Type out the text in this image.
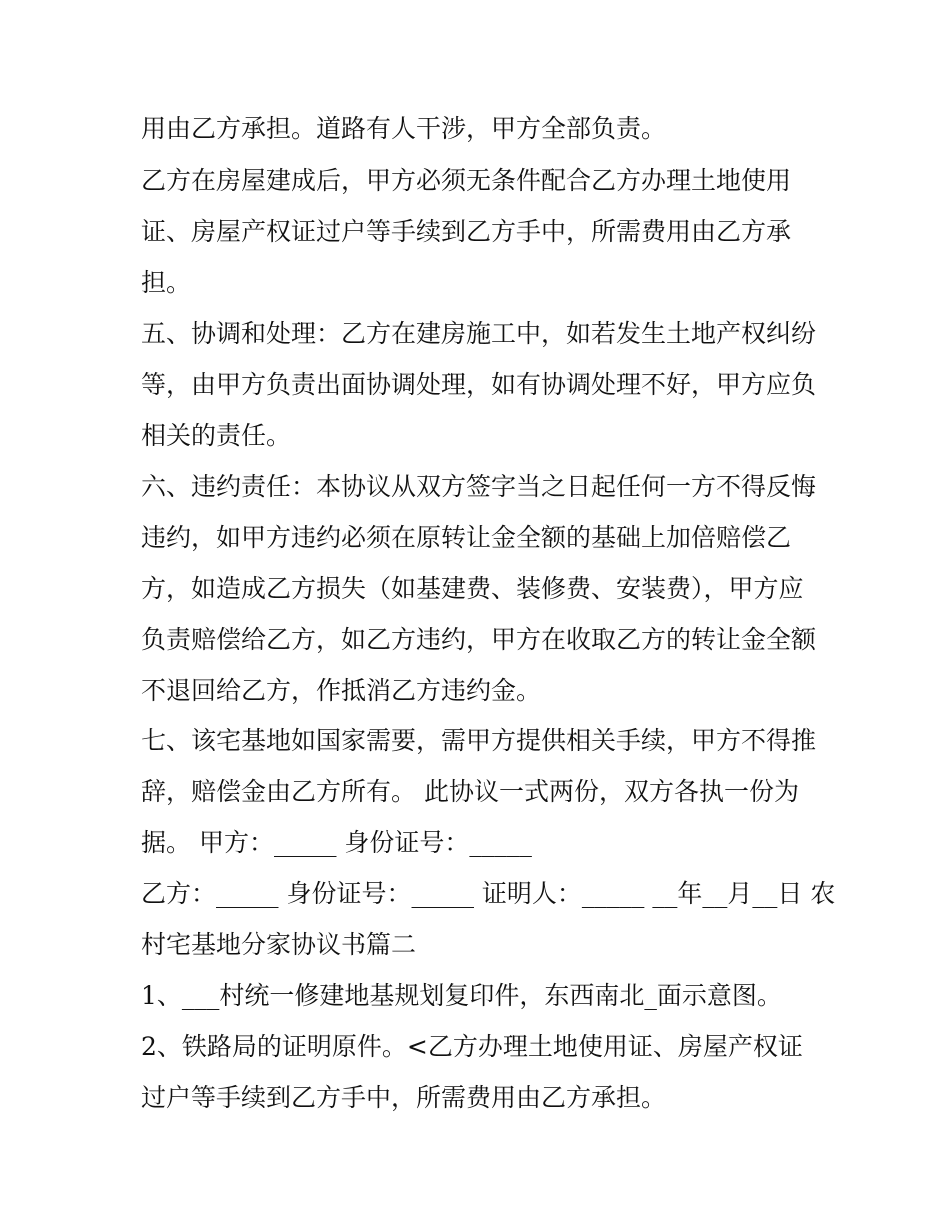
用由乙方承担。道路有人干涉，甲方全部负责。
乙方在房屋建成后，甲方必须无条件配合乙方办理土地使用
证、房屋产权证过户等手续到乙方手中，所需费用由乙方承
担。
五、协调和处理：乙方在建房施工中，如若发生土地产权纠纷
等，由甲方负责出面协调处理，如有协调处理不好，甲方应负
相关的责任。
六、违约责任：本协议从双方签字当之日起任何一方不得反悔
违约，如甲方违约必须在原转让金全额的基础上加倍赔偿乙
方，如造成乙方损失（如基建费、装修费、安装费），甲方应
负责赔偿给乙方，如乙方违约，甲方在收取乙方的转让金全额
不退回给乙方，作抵消乙方违约金。
七、该宅基地如国家需要，需甲方提供相关手续，甲方不得推
辞，赔偿金由乙方所有。 此协议一式两份，双方各执一份为
据。 甲方：_____ 身份证号：_____
乙方：_____ 身份证号：_____ 证明人：_____ __年__月__日 农
村宅基地分家协议书篇二
1、___村统一修建地基规划复印件，东西南北_面示意图。
2、铁路局的证明原件。<乙方办理土地使用证、房屋产权证
过户等手续到乙方手中，所需费用由乙方承担。
